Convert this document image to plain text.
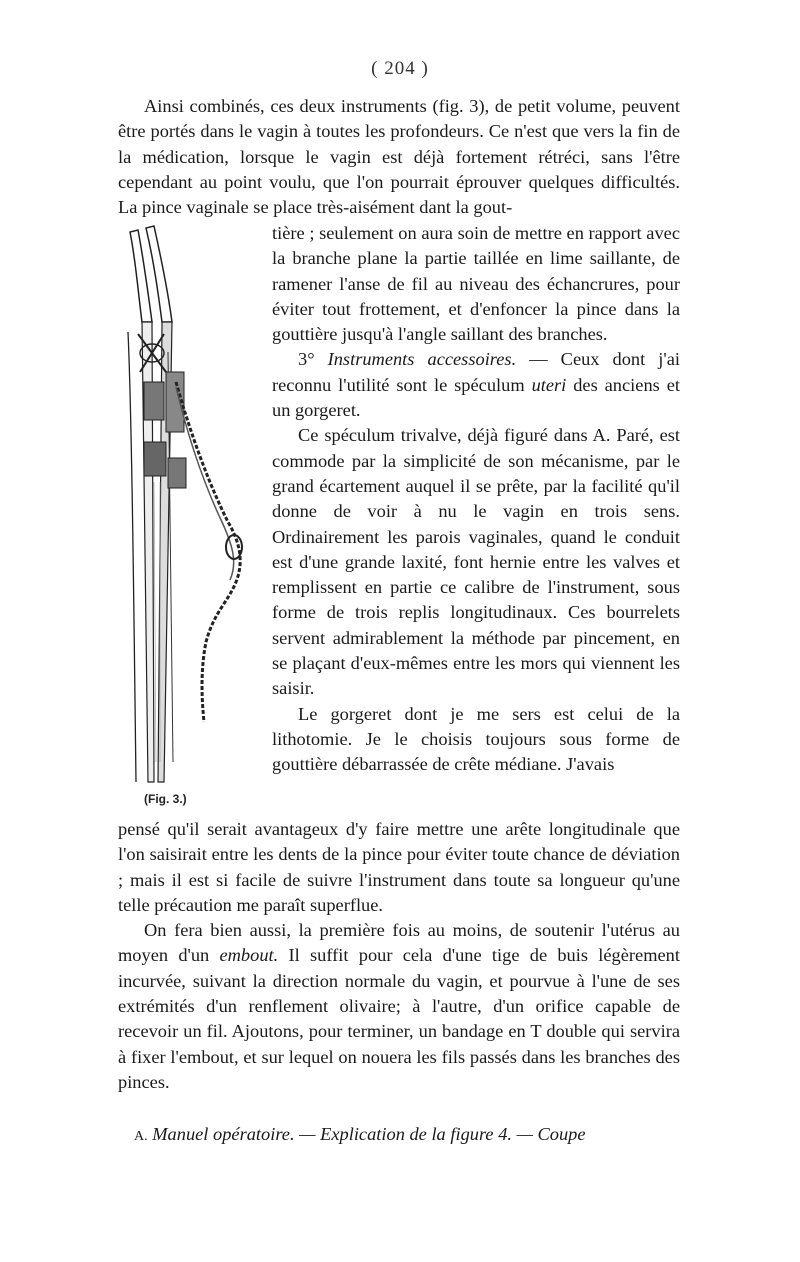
( 204 )

Ainsi combinés, ces deux instruments (fig. 3), de petit volume, peuvent être portés dans le vagin à toutes les profondeurs. Ce n'est que vers la fin de la médication, lorsque le vagin est déjà fortement rétréci, sans l'être cependant au point voulu, que l'on pourrait éprouver quelques difficultés. La pince vaginale se place très-aisément dant la gout-

(Fig. 3.)

tière ; seulement on aura soin de mettre en rapport avec la branche plane la partie taillée en lime saillante, de ramener l'anse de fil au niveau des échancrures, pour éviter tout frottement, et d'enfoncer la pince dans la gouttière jusqu'à l'angle saillant des branches.

3° Instruments accessoires. — Ceux dont j'ai reconnu l'utilité sont le spéculum uteri des anciens et un gorgeret.

Ce spéculum trivalve, déjà figuré dans A. Paré, est commode par la simplicité de son mécanisme, par le grand écartement auquel il se prête, par la facilité qu'il donne de voir à nu le vagin en trois sens. Ordinairement les parois vaginales, quand le conduit est d'une grande laxité, font hernie entre les valves et remplissent en partie ce calibre de l'instrument, sous forme de trois replis longitudinaux. Ces bourrelets servent admirablement la méthode par pincement, en se plaçant d'eux-mêmes entre les mors qui viennent les saisir.

Le gorgeret dont je me sers est celui de la lithotomie. Je le choisis toujours sous forme de gouttière débarrassée de crête médiane. J'avais

pensé qu'il serait avantageux d'y faire mettre une arête longitudinale que l'on saisirait entre les dents de la pince pour éviter toute chance de déviation ; mais il est si facile de suivre l'instrument dans toute sa longueur qu'une telle précaution me paraît superflue.

On fera bien aussi, la première fois au moins, de soutenir l'utérus au moyen d'un embout. Il suffit pour cela d'une tige de buis légèrement incurvée, suivant la direction normale du vagin, et pourvue à l'une de ses extrémités d'un renflement olivaire; à l'autre, d'un orifice capable de recevoir un fil. Ajoutons, pour terminer, un bandage en T double qui servira à fixer l'embout, et sur lequel on nouera les fils passés dans les branches des pinces.

A. Manuel opératoire. — Explication de la figure 4. — Coupe
